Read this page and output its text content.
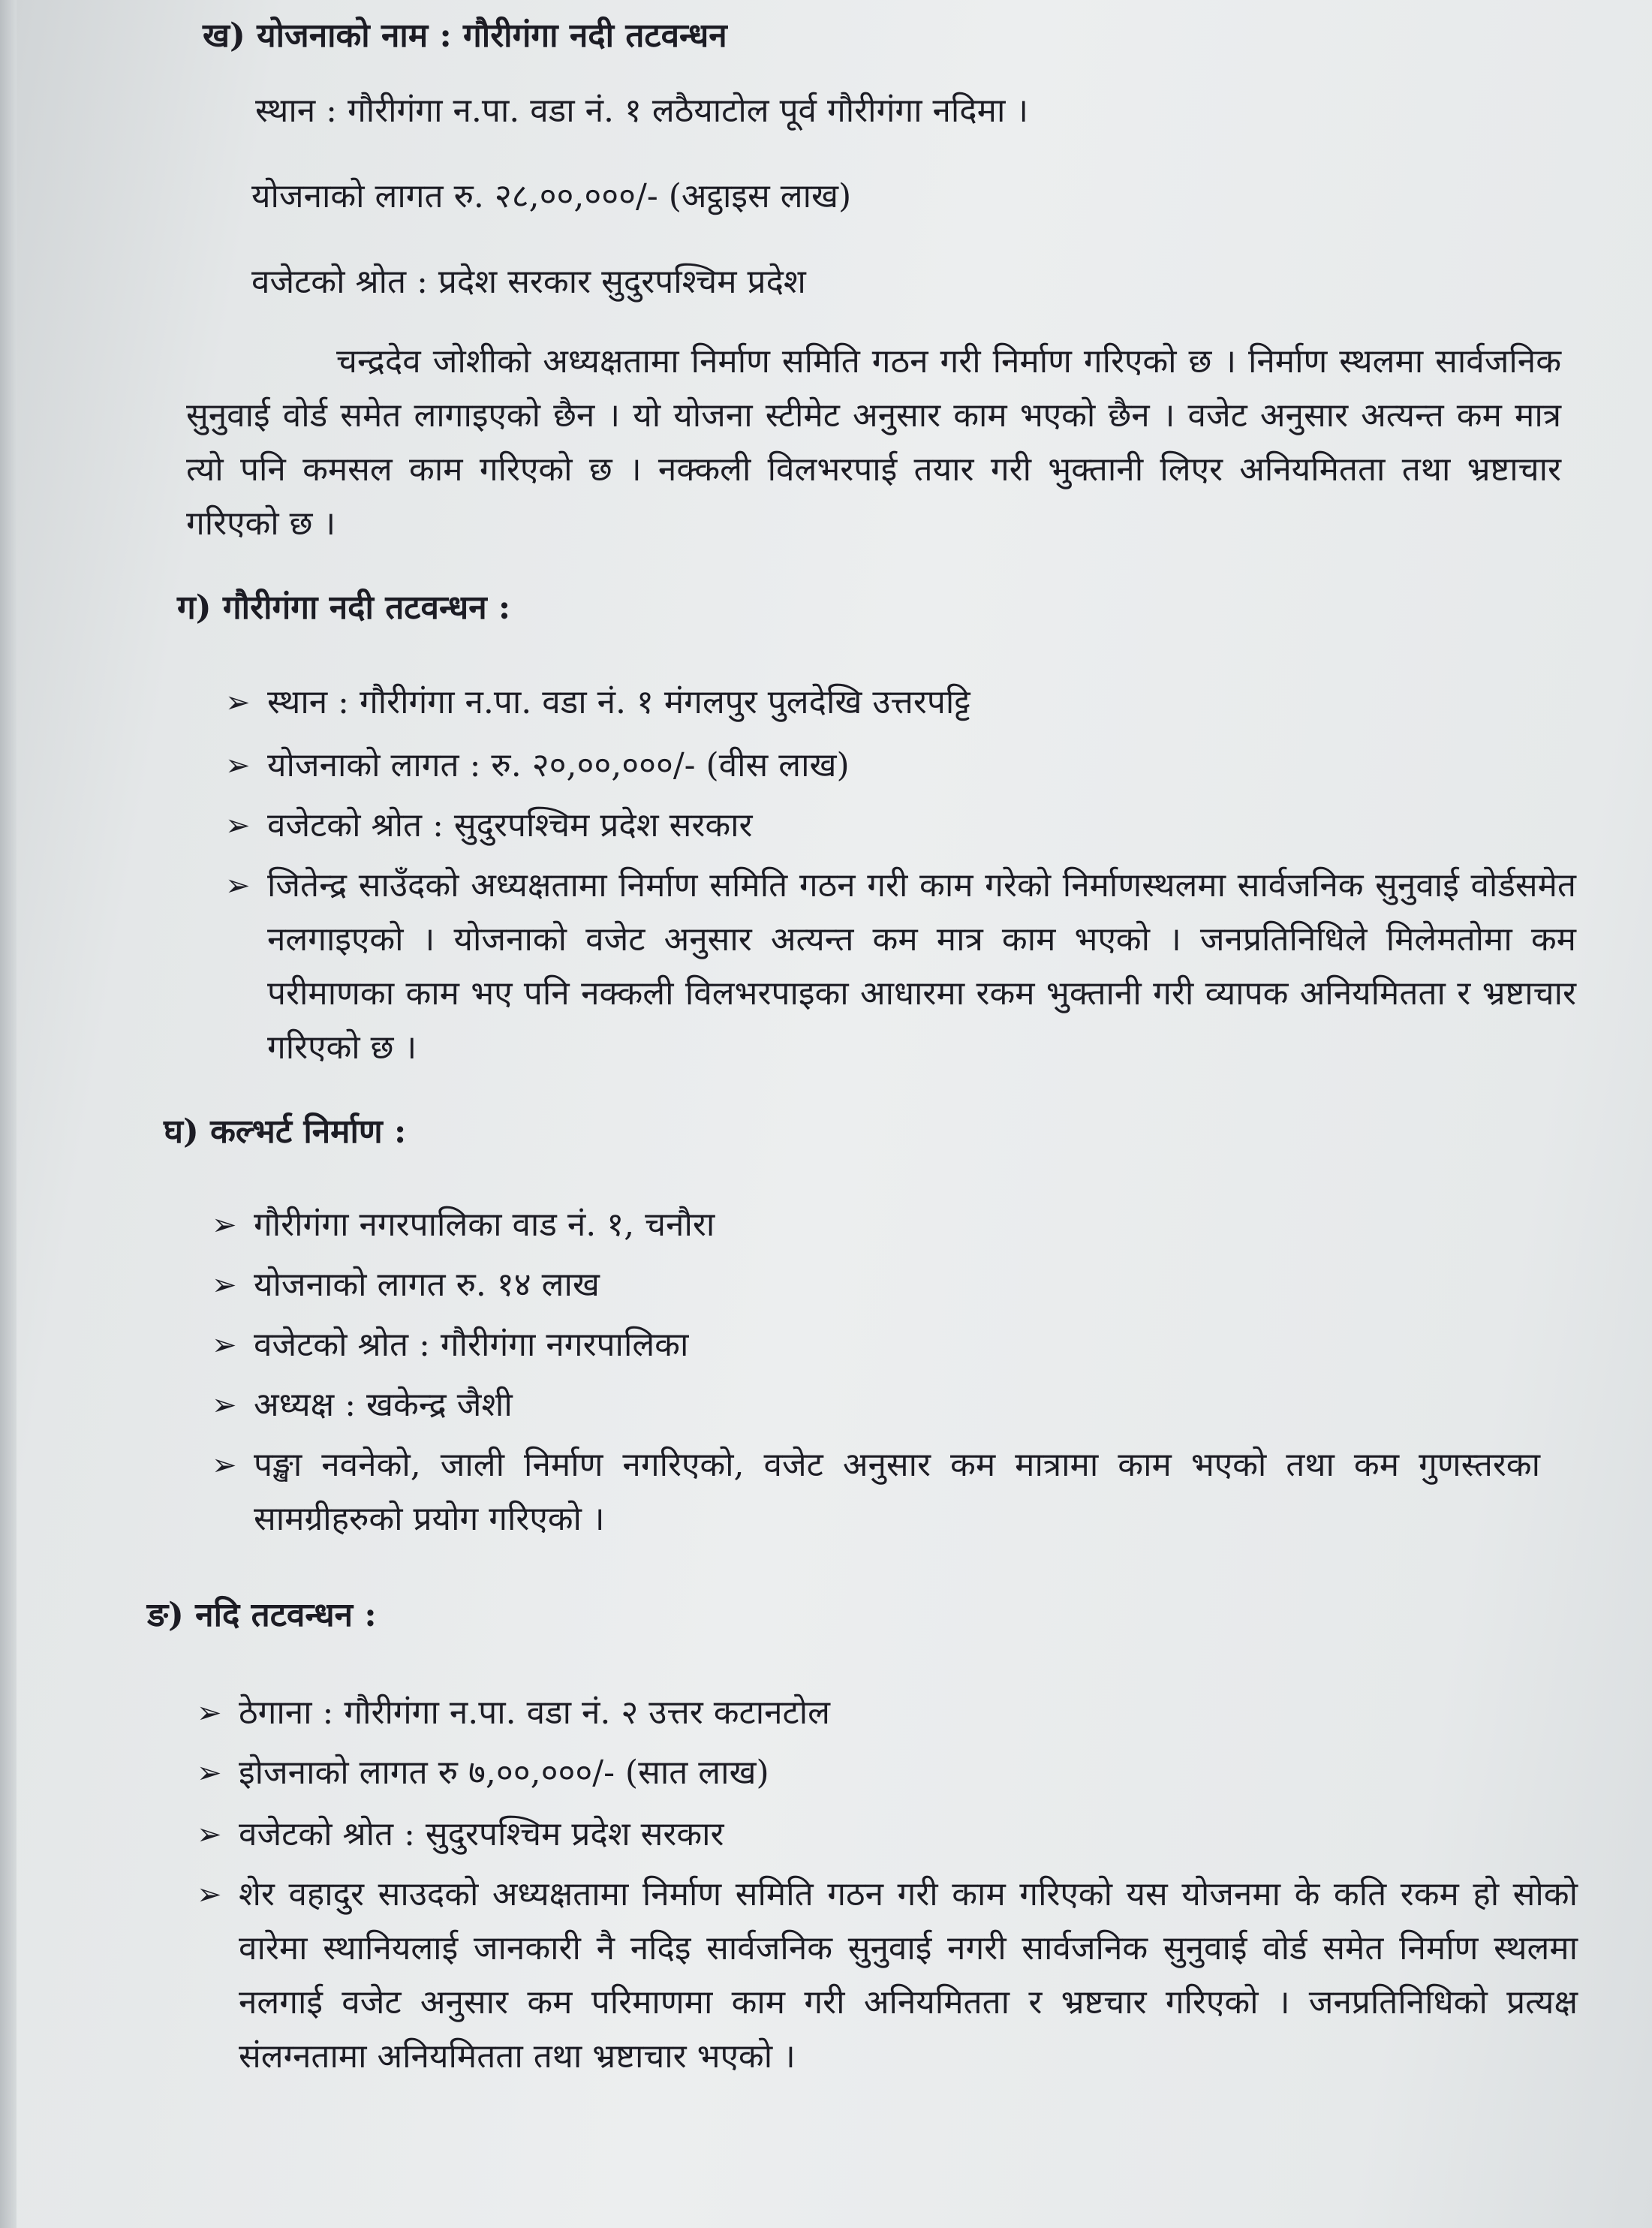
ख) योजनाको नाम : गौरीगंगा नदी तटवन्धन
स्थान : गौरीगंगा न.पा. वडा नं. १ लठैयाटोल पूर्व गौरीगंगा नदिमा ।
योजनाको लागत रु. २८,००,०००/- (अट्ठाइस लाख)
वजेटको श्रोत : प्रदेश सरकार सुदुरपश्चिम प्रदेश
चन्द्रदेव जोशीको अध्यक्षतामा निर्माण समिति गठन गरी निर्माण गरिएको छ । निर्माण स्थलमा सार्वजनिक सुनुवाई वोर्ड समेत लागाइएको छैन । यो योजना स्टीमेट अनुसार काम भएको छैन । वजेट अनुसार अत्यन्त कम मात्र त्यो पनि कमसल काम गरिएको छ । नक्कली विलभरपाई तयार गरी भुक्तानी लिएर अनियमितता तथा भ्रष्टाचार गरिएको छ ।
ग) गौरीगंगा नदी तटवन्धन :
➢ स्थान : गौरीगंगा न.पा. वडा नं. १ मंगलपुर पुलदेखि उत्तरपट्टि
➢ योजनाको लागत : रु. २०,००,०००/- (वीस लाख)
➢ वजेटको श्रोत : सुदुरपश्चिम प्रदेश सरकार
➢ जितेन्द्र साउँदको अध्यक्षतामा निर्माण समिति गठन गरी काम गरेको निर्माणस्थलमा सार्वजनिक सुनुवाई वोर्डसमेत नलगाइएको । योजनाको वजेट अनुसार अत्यन्त कम मात्र काम भएको । जनप्रतिनिधिले मिलेमतोमा कम परीमाणका काम भए पनि नक्कली विलभरपाइका आधारमा रकम भुक्तानी गरी व्यापक अनियमितता र भ्रष्टाचार गरिएको छ ।
घ) कल्भर्ट निर्माण :
➢ गौरीगंगा नगरपालिका वाड नं. १, चनौरा
➢ योजनाको लागत रु. १४ लाख
➢ वजेटको श्रोत : गौरीगंगा नगरपालिका
➢ अध्यक्ष : खकेन्द्र जैशी
➢ पङ्खा नवनेको, जाली निर्माण नगरिएको, वजेट अनुसार कम मात्रामा काम भएको तथा कम गुणस्तरका सामग्रीहरुको प्रयोग गरिएको ।
ङ) नदि तटवन्धन :
➢ ठेगाना : गौरीगंगा न.पा. वडा नं. २ उत्तर कटानटोल
➢ इोजनाको लागत रु ७,००,०००/- (सात लाख)
➢ वजेटको श्रोत : सुदुरपश्चिम प्रदेश सरकार
➢ शेर वहादुर साउदको अध्यक्षतामा निर्माण समिति गठन गरी काम गरिएको यस योजनमा के कति रकम हो सोको वारेमा स्थानियलाई जानकारी नै नदिइ सार्वजनिक सुनुवाई नगरी सार्वजनिक सुनुवाई वोर्ड समेत निर्माण स्थलमा नलगाई वजेट अनुसार कम परिमाणमा काम गरी अनियमितता र भ्रष्टचार गरिएको । जनप्रतिनिधिको प्रत्यक्ष संलग्नतामा अनियमितता तथा भ्रष्टाचार भएको ।
